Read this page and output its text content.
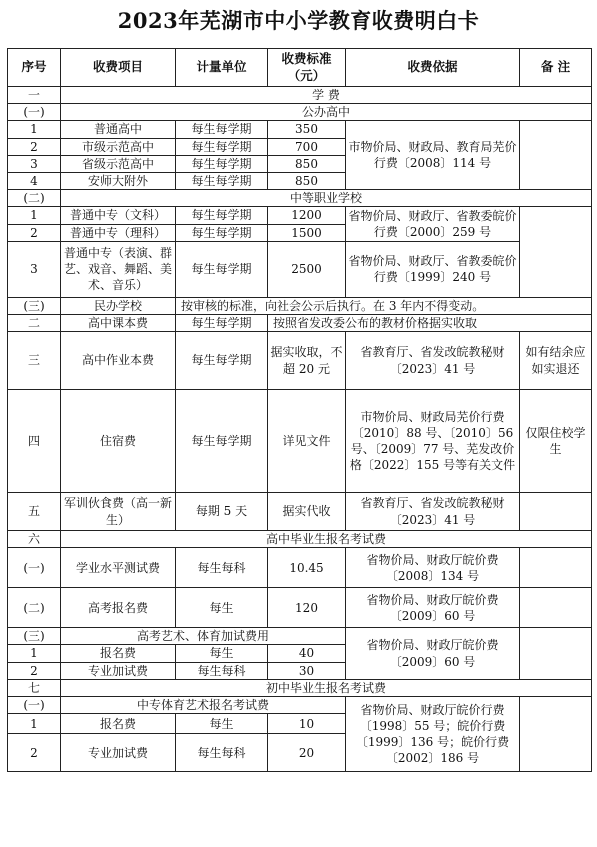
2023年芜湖市中小学教育收费明白卡
序号	收费项目	计量单位	收费标准（元）	收费依据	备 注
一	学 费				
(一)	公办高中				
1	普通高中	每生每学期	350	市物价局、财政局、教育局芜价行费〔2008〕114 号	
2	市级示范高中	每生每学期	700		
3	省级示范高中	每生每学期	850		
4	安师大附外	每生每学期	850		
(二)	中等职业学校				
1	普通中专（文科）	每生每学期	1200	省物价局、财政厅、省教委皖价行费〔2000〕259 号	
2	普通中专（理科）	每生每学期	1500		
3	普通中专（表演、群艺、戏音、舞蹈、美术、音乐）	每生每学期	2500	省物价局、财政厅、省教委皖价行费〔1999〕240 号	
(三)	民办学校	按审核的标准，向社会公示后执行。在 3 年内不得变动。			
二	高中课本费	每生每学期	按照省发改委公布的教材价格据实收取		
三	高中作业本费	每生每学期	据实收取，不超 20 元	省教育厅、省发改皖教秘财〔2023〕41 号	如有结余应如实退还
四	住宿费	每生每学期	详见文件	市物价局、财政局芜价行费〔2010〕88 号、〔2010〕56 号、〔2009〕77 号、芜发改价格〔2022〕155 号等有关文件	仅限住校学生
五	军训伙食费（高一新生）	每期 5 天	据实代收	省教育厅、省发改皖教秘财〔2023〕41 号	
六	高中毕业生报名考试费				
(一)	学业水平测试费	每生每科	10.45	省物价局、财政厅皖价费〔2008〕134 号	
(二)	高考报名费	每生	120	省物价局、财政厅皖价费〔2009〕60 号	
(三)	高考艺术、体育加试费用			省物价局、财政厅皖价费〔2009〕60 号	
1	报名费	每生	40		
2	专业加试费	每生每科	30		
七	初中毕业生报名考试费				
(一)	中专体育艺术报名考试费			省物价局、财政厅皖价行费〔1998〕55 号；皖价行费〔1999〕136 号；皖价行费〔2002〕186 号	
1	报名费	每生	10		
2	专业加试费	每生每科	20		
